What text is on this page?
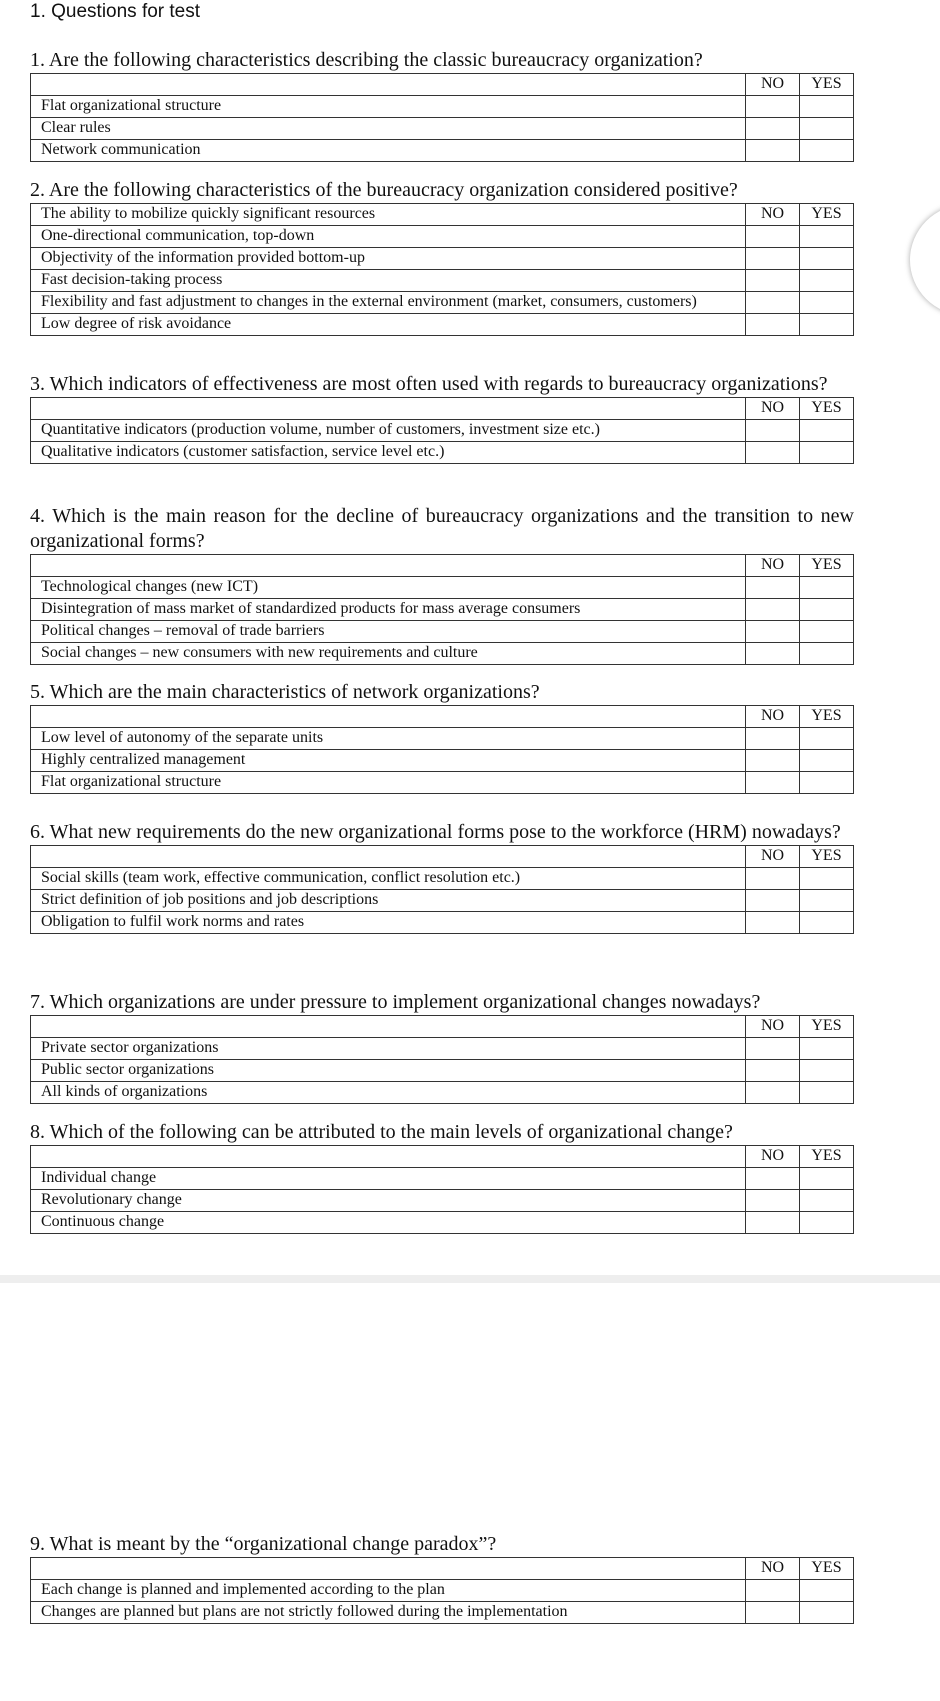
1. Questions for test
1. Are the following characteristics describing the classic bureaucracy organization?
	NO	YES
Flat organizational structure		
Clear rules		
Network communication		
2. Are the following characteristics of the bureaucracy organization considered positive?
The ability to mobilize quickly significant resources	NO	YES
One-directional communication, top-down		
Objectivity of the information provided bottom-up		
Fast decision-taking process		
Flexibility and fast adjustment to changes in the external environment (market, consumers, customers)		
Low degree of risk avoidance		
3. Which indicators of effectiveness are most often used with regards to bureaucracy organizations?
	NO	YES
Quantitative indicators (production volume, number of customers, investment size etc.)		
Qualitative indicators (customer satisfaction, service level etc.)		
4. Which is the main reason for the decline of bureaucracy organizations and the transition to new organizational forms?
	NO	YES
Technological changes (new ICT)		
Disintegration of mass market of standardized products for mass average consumers		
Political changes – removal of trade barriers		
Social changes – new consumers with new requirements and culture		
5. Which are the main characteristics of network organizations?
	NO	YES
Low level of autonomy of the separate units		
Highly centralized management		
Flat organizational structure		
6. What new requirements do the new organizational forms pose to the workforce (HRM) nowadays?
	NO	YES
Social skills (team work, effective communication, conflict resolution etc.)		
Strict definition of job positions and job descriptions		
Obligation to fulfil work norms and rates		
7. Which organizations are under pressure to implement organizational changes nowadays?
	NO	YES
Private sector organizations		
Public sector organizations		
All kinds of organizations		
8. Which of the following can be attributed to the main levels of organizational change?
	NO	YES
Individual change		
Revolutionary change		
Continuous change		
9. What is meant by the “organizational change paradox”?
	NO	YES
Each change is planned and implemented according to the plan		
Changes are planned but plans are not strictly followed during the implementation		
